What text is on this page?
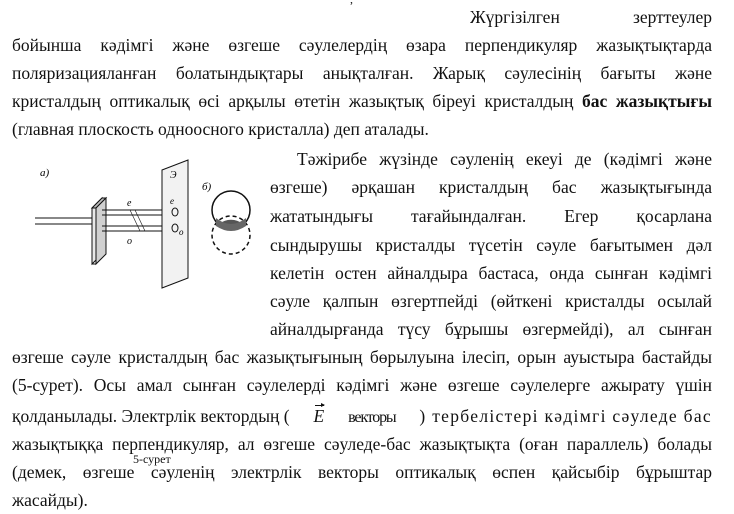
Жүргізілген	зерттеулер
бойынша кәдімгі және өзгеше сәулелердің өзара перпендикуляр жазықтықтарда
поляризацияланған болатындықтары анықталған. Жарық сәулесінің бағыты және
кристалдың оптикалық өсі арқылы өтетін жазықтық біреуі кристалдың бас жазықтығы
(главная плоскость одноосного кристалла) деп аталады.
Тәжірибе жүзінде сәуленің екеуі де (кәдімгі және
өзгеше) әрқашан кристалдың бас жазықтығында
жататындығы тағайындалған. Егер қосарлана
сындырушы кристалды түсетін сәуле бағытымен дәл
келетін остен айналдыра бастаса, онда сынған кәдімгі
сәуле қалпын өзгертпейді (өйткені кристалды осылай
айналдырғанда түсу бұрышы өзгермейді), ал сынған
өзгеше сәуле кристалдың бас жазықтығының бөрылуына ілесіп, орын ауыстыра бастайды
(5-сурет). Осы амал сынған сәулелерді кәдімгі және өзгеше сәулелерге ажырату үшін
қолданылады. Электрлік вектордың ( E векторы ) тербелістері кәдімгі сәуледе бас
жазықтыққа перпендикуляр, ал өзгеше сәуледе-бас жазықтықта (оған параллель) болады
(демек, өзгеше сәуленің электрлік векторы оптикалық өспен қайсыбір бұрыштар
жасайды).
а)
б)
e
o
Э
e
o
5-сурет
